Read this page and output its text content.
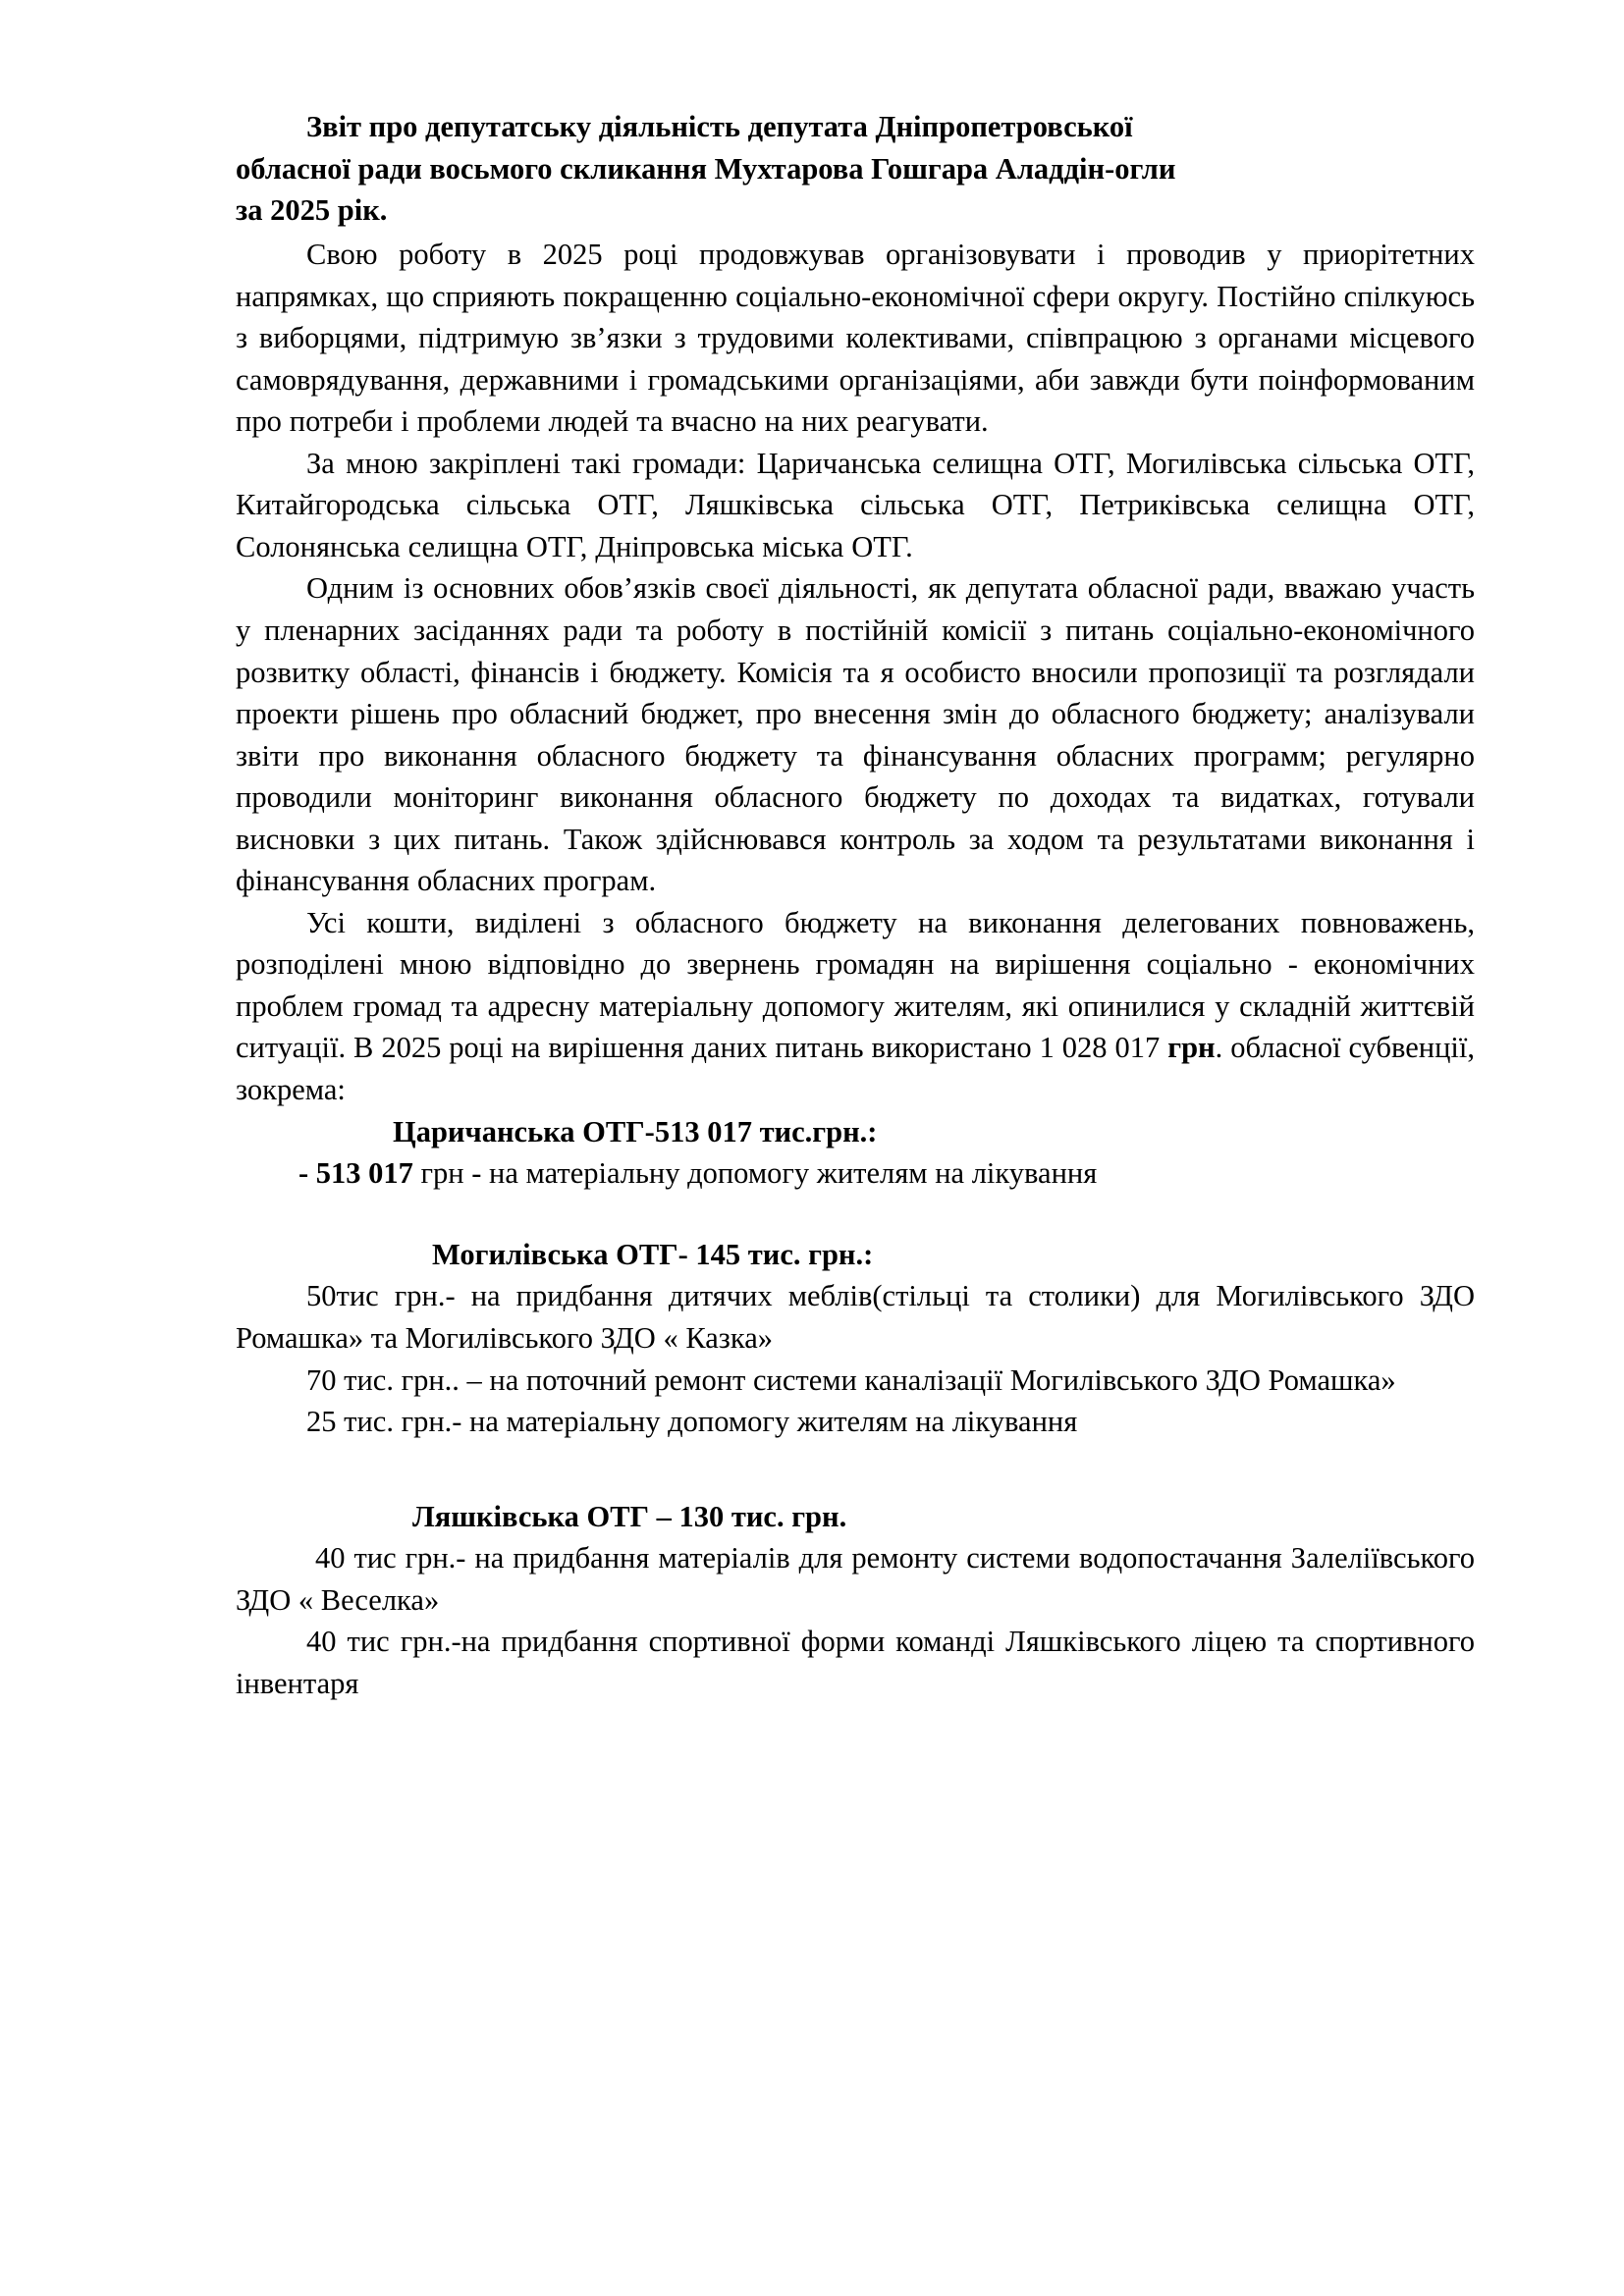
Звіт про депутатську діяльність депутата Дніпропетровської
обласної ради восьмого скликання Мухтарова Гошгара Аладдін-огли
за 2025 рік.

Свою роботу в 2025 році продовжував організовувати і проводив у приорітетних напрямках, що сприяють покращенню соціально-економічної сфери округу. Постійно спілкуюсь з виборцями, підтримую зв’язки з трудовими колективами, співпрацюю з органами місцевого самоврядування, державними і громадськими організаціями, аби завжди бути поінформованим про потреби і проблеми людей та вчасно на них реагувати.

За мною закріплені такі громади: Царичанська селищна ОТГ, Могилівська сільська ОТГ, Китайгородська сільська ОТГ, Ляшківська сільська ОТГ, Петриківська селищна ОТГ, Солонянська селищна ОТГ, Дніпровська міська ОТГ.

Одним із основних обов’язків своєї діяльності, як депутата обласної ради, вважаю участь у пленарних засіданнях ради та роботу в постійній комісії з питань соціально-економічного розвитку області, фінансів і бюджету. Комісія та я особисто вносили пропозиції та розглядали проекти рішень про обласний бюджет, про внесення змін до обласного бюджету; аналізували звіти про виконання обласного бюджету та фінансування обласних программ; регулярно проводили моніторинг виконання обласного бюджету по доходах та видатках, готували висновки з цих питань. Також здійснювався контроль за ходом та результатами виконання і фінансування обласних програм.

Усі кошти, виділені з обласного бюджету на виконання делегованих повноважень, розподілені мною відповідно до звернень громадян на вирішення соціально - економічних проблем громад та адресну матеріальну допомогу жителям, які опинилися у складній життєвій ситуації. В 2025 році на вирішення даних питань використано 1 028 017 грн. обласної субвенції, зокрема:

Царичанська ОТГ-513 017 тис.грн.:

- 513 017 грн - на матеріальну допомогу жителям на лікування

Могилівська ОТГ- 145 тис. грн.:

50тис грн.- на придбання дитячих меблів(стільці та столики) для Могилівського ЗДО Ромашка» та Могилівського ЗДО « Казка»

70 тис. грн.. – на поточний ремонт системи каналізації Могилівського ЗДО Ромашка»

25 тис. грн.- на матеріальну допомогу жителям на лікування

Ляшківська ОТГ – 130 тис. грн.

40 тис грн.- на придбання матеріалів для ремонту системи водопостачання Залеліївського ЗДО « Веселка»

40 тис грн.-на придбання спортивної форми команді Ляшківського ліцею та спортивного інвентаря
